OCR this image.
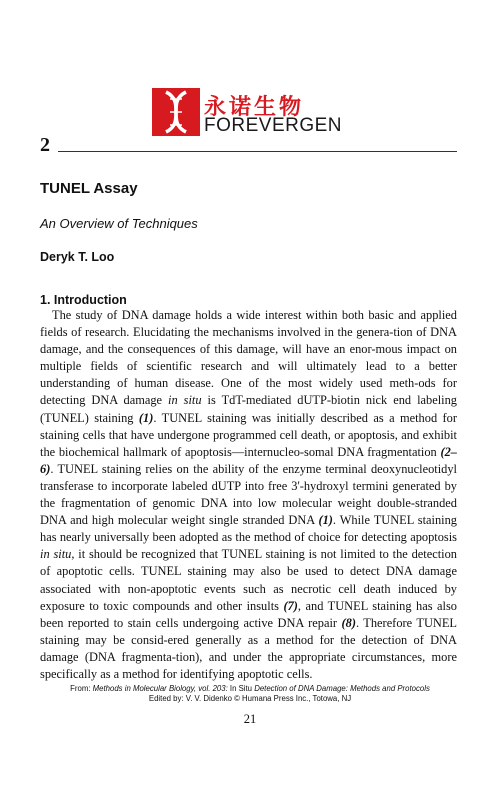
永诺生物
FOREVERGEN
2
TUNEL Assay
An Overview of Techniques
Deryk T. Loo
1. Introduction

The study of DNA damage holds a wide interest within both basic and applied fields of research. Elucidating the mechanisms involved in the genera-tion of DNA damage, and the consequences of this damage, will have an enor-mous impact on multiple fields of scientific research and will ultimately lead to a better understanding of human disease. One of the most widely used meth-ods for detecting DNA damage in situ is TdT-mediated dUTP-biotin nick end labeling (TUNEL) staining (1). TUNEL staining was initially described as a method for staining cells that have undergone programmed cell death, or apoptosis, and exhibit the biochemical hallmark of apoptosis—internucleo-somal DNA fragmentation (2–6). TUNEL staining relies on the ability of the enzyme terminal deoxynucleotidyl transferase to incorporate labeled dUTP into free 3'-hydroxyl termini generated by the fragmentation of genomic DNA into low molecular weight double-stranded DNA and high molecular weight single stranded DNA (1). While TUNEL staining has nearly universally been adopted as the method of choice for detecting apoptosis in situ, it should be recognized that TUNEL staining is not limited to the detection of apoptotic cells. TUNEL staining may also be used to detect DNA damage associated with non-apoptotic events such as necrotic cell death induced by exposure to toxic compounds and other insults (7), and TUNEL staining has also been reported to stain cells undergoing active DNA repair (8). Therefore TUNEL staining may be consid-ered generally as a method for the detection of DNA damage (DNA fragmenta-tion), and under the appropriate circumstances, more specifically as a method for identifying apoptotic cells.

From: Methods in Molecular Biology, vol. 203: In Situ Detection of DNA Damage: Methods and Protocols
Edited by: V. V. Didenko © Humana Press Inc., Totowa, NJ
21
